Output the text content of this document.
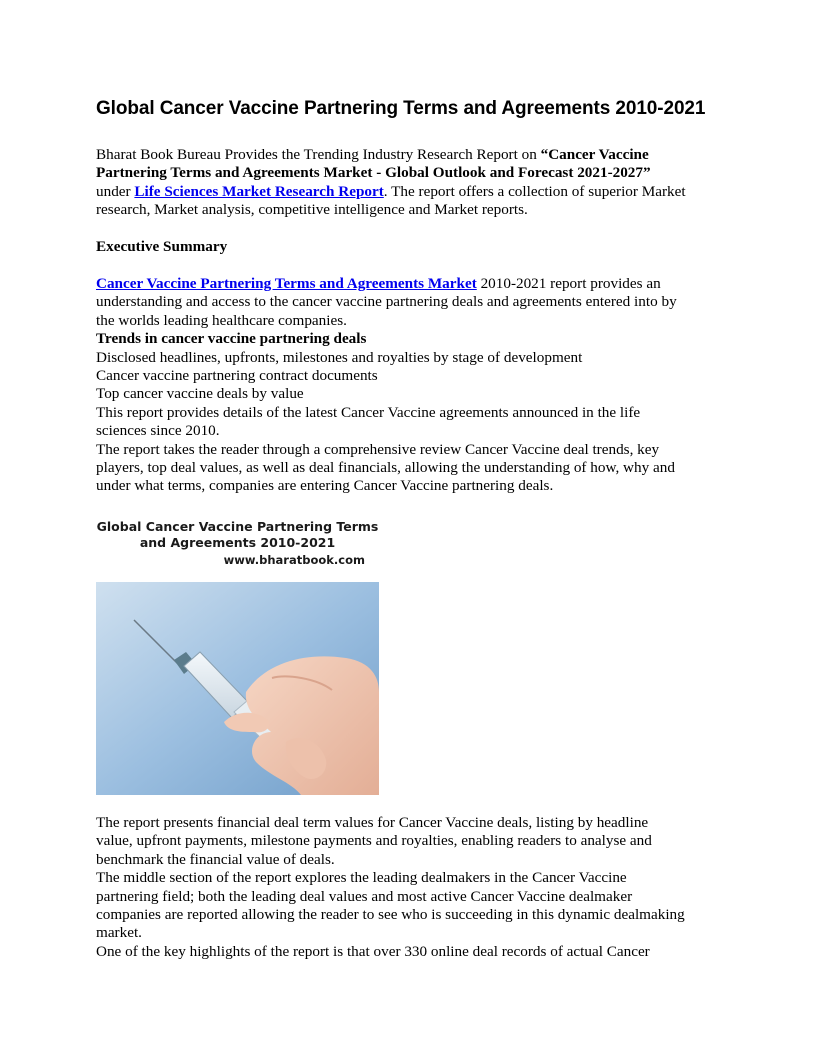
Global Cancer Vaccine Partnering Terms and Agreements 2010-2021
Bharat Book Bureau Provides the Trending Industry Research Report on “Cancer Vaccine
Partnering Terms and Agreements Market - Global Outlook and Forecast 2021-2027”
under Life Sciences Market Research Report. The report offers a collection of superior Market
research, Market analysis, competitive intelligence and Market reports.
Executive Summary
Cancer Vaccine Partnering Terms and Agreements Market 2010-2021 report provides an
understanding and access to the cancer vaccine partnering deals and agreements entered into by
the worlds leading healthcare companies.
Trends in cancer vaccine partnering deals
Disclosed headlines, upfronts, milestones and royalties by stage of development
Cancer vaccine partnering contract documents
Top cancer vaccine deals by value
This report provides details of the latest Cancer Vaccine agreements announced in the life
sciences since 2010.
The report takes the reader through a comprehensive review Cancer Vaccine deal trends, key
players, top deal values, as well as deal financials, allowing the understanding of how, why and
under what terms, companies are entering Cancer Vaccine partnering deals.
Global Cancer Vaccine Partnering Terms
and Agreements 2010-2021
www.bharatbook.com
The report presents financial deal term values for Cancer Vaccine deals, listing by headline
value, upfront payments, milestone payments and royalties, enabling readers to analyse and
benchmark the financial value of deals.
The middle section of the report explores the leading dealmakers in the Cancer Vaccine
partnering field; both the leading deal values and most active Cancer Vaccine dealmaker
companies are reported allowing the reader to see who is succeeding in this dynamic dealmaking
market.
One of the key highlights of the report is that over 330 online deal records of actual Cancer
